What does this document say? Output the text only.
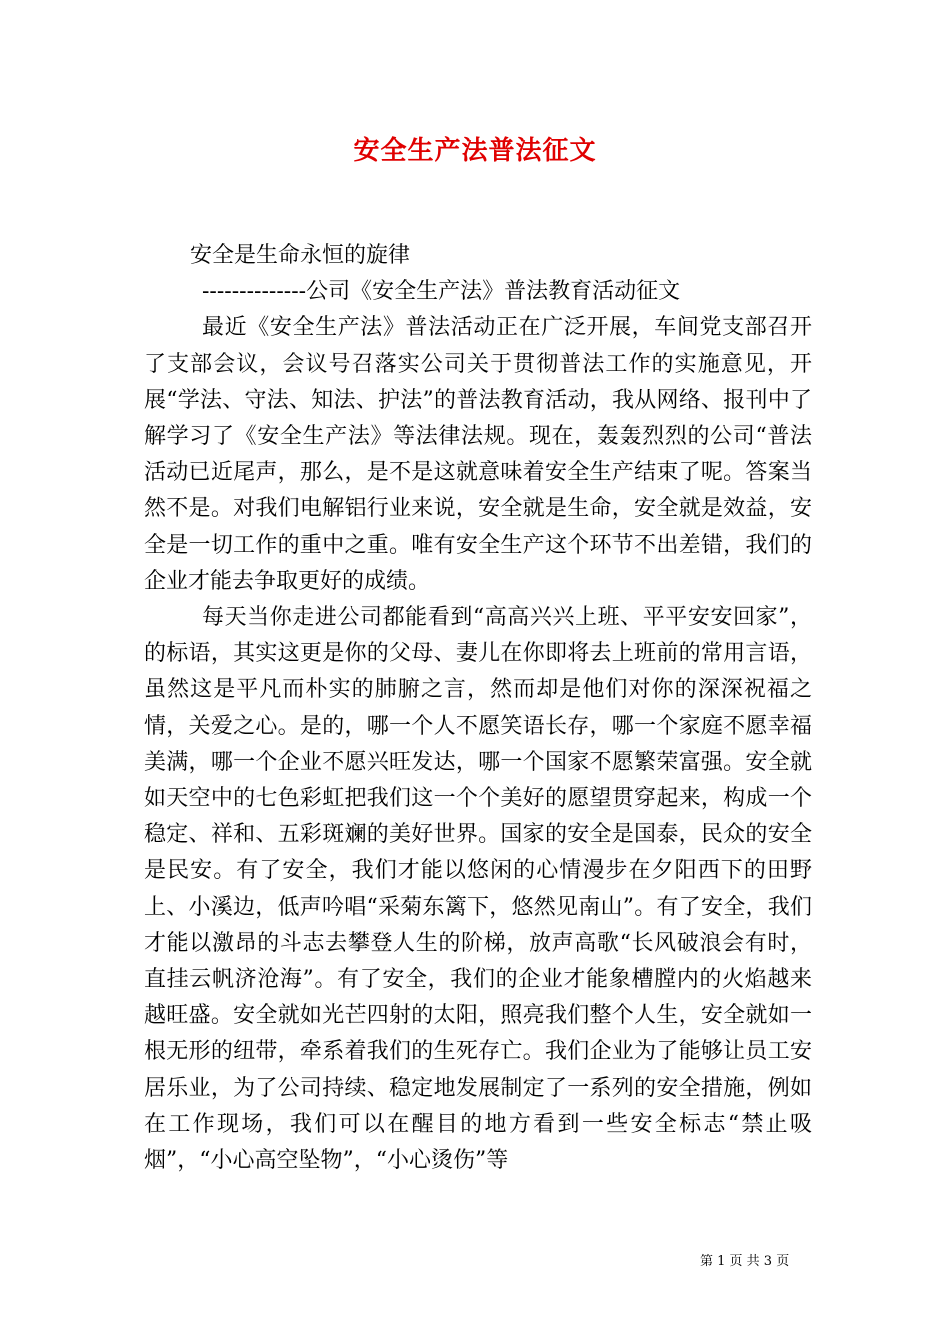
安全生产法普法征文

安全是生命永恒的旋律

--------------公司《安全生产法》普法教育活动征文

最近《安全生产法》普法活动正在广泛开展，车间党支部召开了支部会议，会议号召落实公司关于贯彻普法工作的实施意见，开展“学法、守法、知法、护法”的普法教育活动，我从网络、报刊中了解学习了《安全生产法》等法律法规。现在，轰轰烈烈的公司“普法活动已近尾声，那么，是不是这就意味着安全生产结束了呢。答案当然不是。对我们电解铝行业来说，安全就是生命，安全就是效益，安全是一切工作的重中之重。唯有安全生产这个环节不出差错，我们的企业才能去争取更好的成绩。

每天当你走进公司都能看到“高高兴兴上班、平平安安回家”，的标语，其实这更是你的父母、妻儿在你即将去上班前的常用言语，虽然这是平凡而朴实的肺腑之言，然而却是他们对你的深深祝福之情，关爱之心。是的，哪一个人不愿笑语长存，哪一个家庭不愿幸福美满，哪一个企业不愿兴旺发达，哪一个国家不愿繁荣富强。安全就如天空中的七色彩虹把我们这一个个美好的愿望贯穿起来，构成一个稳定、祥和、五彩斑斓的美好世界。国家的安全是国泰，民众的安全是民安。有了安全，我们才能以悠闲的心情漫步在夕阳西下的田野上、小溪边，低声吟唱“采菊东篱下，悠然见南山”。有了安全，我们才能以激昂的斗志去攀登人生的阶梯，放声高歌“长风破浪会有时，直挂云帆济沧海”。有了安全，我们的企业才能象槽膛内的火焰越来越旺盛。安全就如光芒四射的太阳，照亮我们整个人生，安全就如一根无形的纽带，牵系着我们的生死存亡。我们企业为了能够让员工安居乐业，为了公司持续、稳定地发展制定了一系列的安全措施，例如在工作现场，我们可以在醒目的地方看到一些安全标志“禁止吸烟”，“小心高空坠物”，“小心烫伤”等

第 1 页 共 3 页
